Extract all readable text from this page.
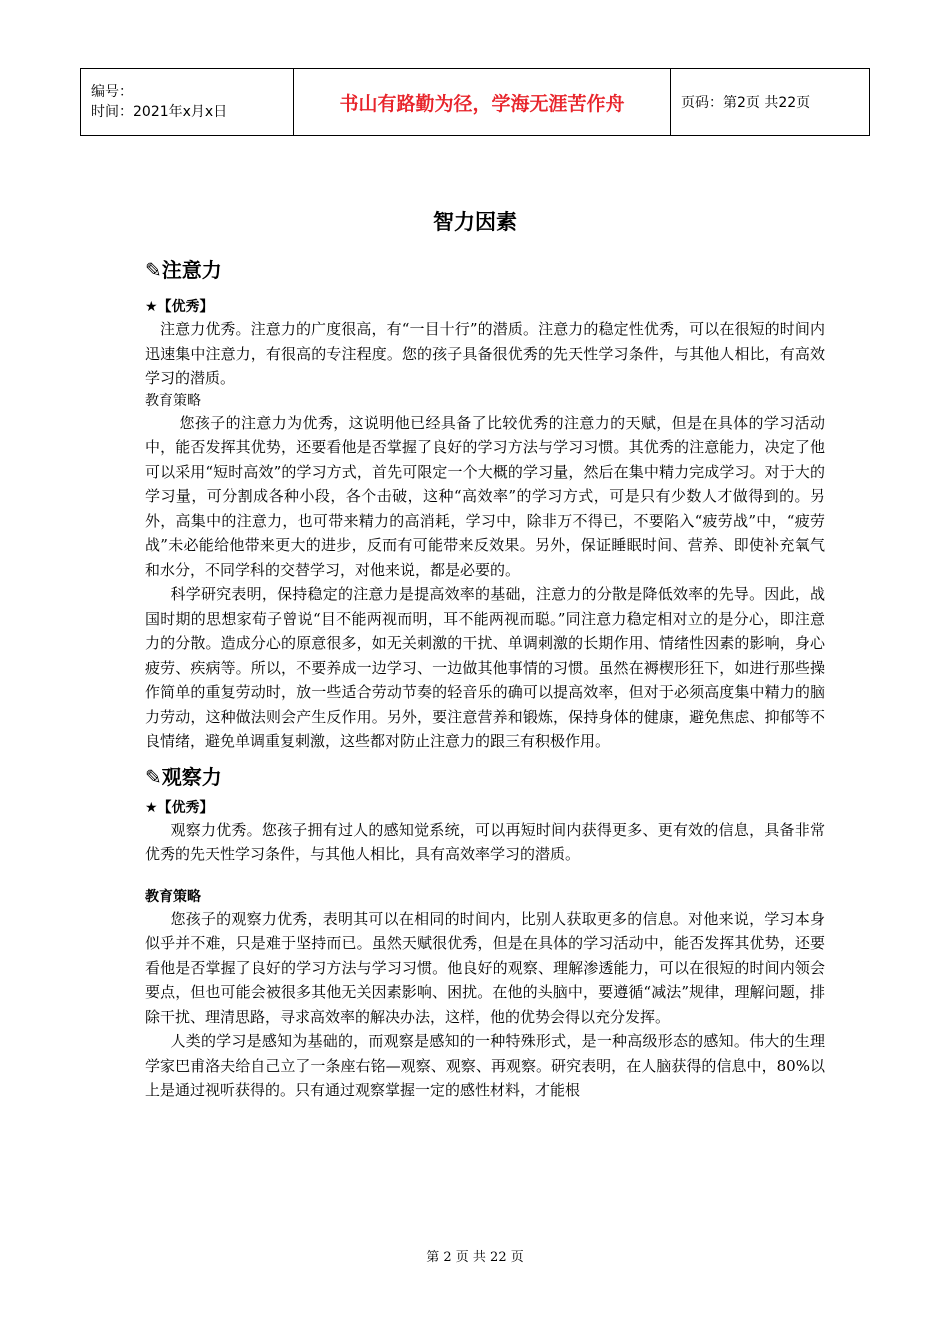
编号：
时间：2021年x月x日	书山有路勤为径，学海无涯苦作舟	页码：第2页 共22页
智力因素
✎注意力
★【优秀】

注意力优秀。注意力的广度很高，有“一目十行”的潜质。注意力的稳定性优秀，可以在很短的时间内迅速集中注意力，有很高的专注程度。您的孩子具备很优秀的先天性学习条件，与其他人相比，有高效学习的潜质。

教育策略

您孩子的注意力为优秀，这说明他已经具备了比较优秀的注意力的天赋，但是在具体的学习活动中，能否发挥其优势，还要看他是否掌握了良好的学习方法与学习习惯。其优秀的注意能力，决定了他可以采用“短时高效”的学习方式，首先可限定一个大概的学习量，然后在集中精力完成学习。对于大的学习量，可分割成各种小段，各个击破，这种“高效率”的学习方式，可是只有少数人才做得到的。另外，高集中的注意力，也可带来精力的高消耗，学习中，除非万不得已，不要陷入“疲劳战”中，“疲劳战”未必能给他带来更大的进步，反而有可能带来反效果。另外，保证睡眠时间、营养、即使补充氧气和水分，不同学科的交替学习，对他来说，都是必要的。

科学研究表明，保持稳定的注意力是提高效率的基础，注意力的分散是降低效率的先导。因此，战国时期的思想家荀子曾说“目不能两视而明，耳不能两视而聪。”同注意力稳定相对立的是分心，即注意力的分散。造成分心的原意很多，如无关刺激的干扰、单调刺激的长期作用、情绪性因素的影响，身心疲劳、疾病等。所以，不要养成一边学习、一边做其他事情的习惯。虽然在褥楔形狂下，如进行那些操作简单的重复劳动时，放一些适合劳动节奏的轻音乐的确可以提高效率，但对于必须高度集中精力的脑力劳动，这种做法则会产生反作用。另外，要注意营养和锻炼，保持身体的健康，避免焦虑、抑郁等不良情绪，避免单调重复刺激，这些都对防止注意力的跟三有积极作用。

✎观察力
★【优秀】

观察力优秀。您孩子拥有过人的感知觉系统，可以再短时间内获得更多、更有效的信息，具备非常优秀的先天性学习条件，与其他人相比，具有高效率学习的潜质。

教育策略

您孩子的观察力优秀，表明其可以在相同的时间内，比别人获取更多的信息。对他来说，学习本身似乎并不难，只是难于坚持而已。虽然天赋很优秀，但是在具体的学习活动中，能否发挥其优势，还要看他是否掌握了良好的学习方法与学习习惯。他良好的观察、理解渗透能力，可以在很短的时间内领会要点，但也可能会被很多其他无关因素影响、困扰。在他的头脑中，要遵循“减法”规律，理解问题，排除干扰、理清思路，寻求高效率的解决办法，这样，他的优势会得以充分发挥。

人类的学习是感知为基础的，而观察是感知的一种特殊形式，是一种高级形态的感知。伟大的生理学家巴甫洛夫给自己立了一条座右铭—观察、观察、再观察。研究表明，在人脑获得的信息中，80%以上是通过视听获得的。只有通过观察掌握一定的感性材料，才能根

第 2 页 共 22 页
